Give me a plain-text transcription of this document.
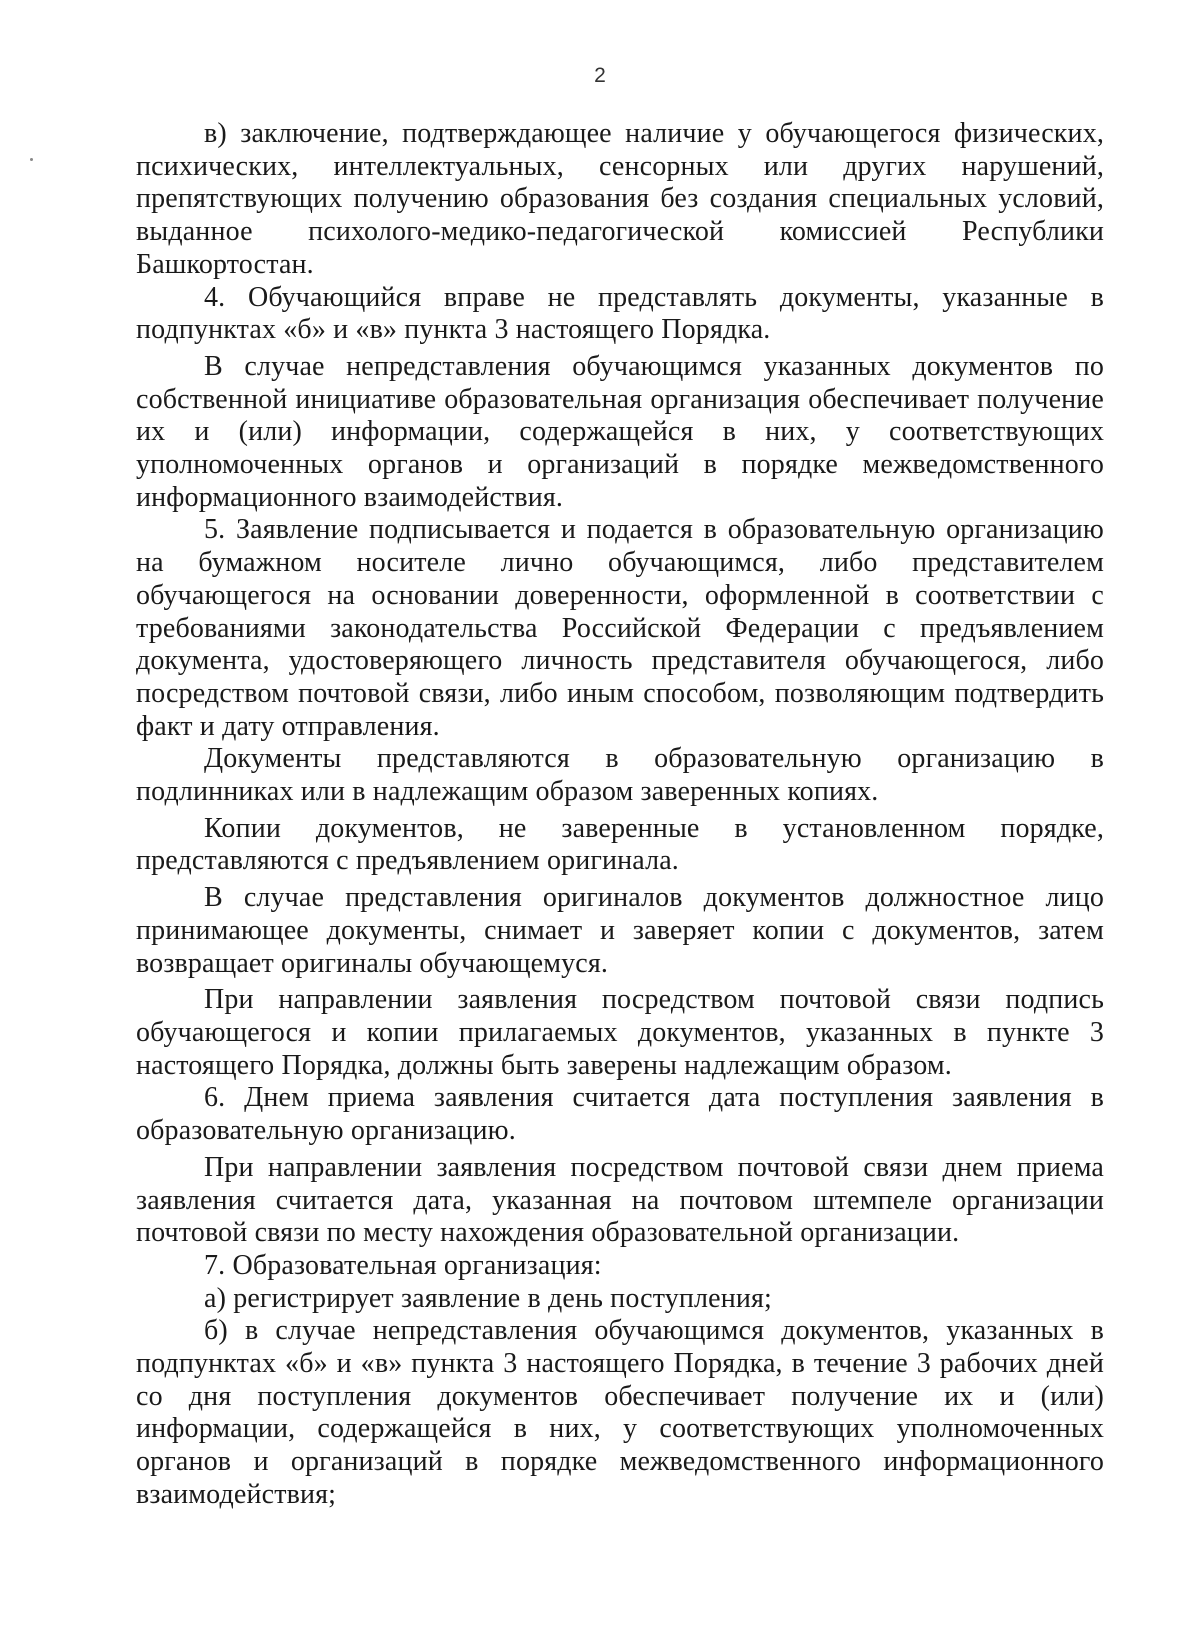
2

в) заключение, подтверждающее наличие у обучающегося физических, психических, интеллектуальных, сенсорных или других нарушений, препятствующих получению образования без создания специальных условий, выданное психолого-медико-педагогической комиссией Республики Башкортостан.

4. Обучающийся вправе не представлять документы, указанные в подпунктах «б» и «в» пункта 3 настоящего Порядка.

В случае непредставления обучающимся указанных документов по собственной инициативе образовательная организация обеспечивает получение их и (или) информации, содержащейся в них, у соответствующих уполномоченных органов и организаций в порядке межведомственного информационного взаимодействия.

5. Заявление подписывается и подается в образовательную организацию на бумажном носителе лично обучающимся, либо представителем обучающегося на основании доверенности, оформленной в соответствии с требованиями законодательства Российской Федерации с предъявлением документа, удостоверяющего личность представителя обучающегося, либо посредством почтовой связи, либо иным способом, позволяющим подтвердить факт и дату отправления.

Документы представляются в образовательную организацию в подлинниках или в надлежащим образом заверенных копиях.

Копии документов, не заверенные в установленном порядке, представляются с предъявлением оригинала.

В случае представления оригиналов документов должностное лицо принимающее документы, снимает и заверяет копии с документов, затем возвращает оригиналы обучающемуся.

При направлении заявления посредством почтовой связи подпись обучающегося и копии прилагаемых документов, указанных в пункте 3 настоящего Порядка, должны быть заверены надлежащим образом.

6. Днем приема заявления считается дата поступления заявления в образовательную организацию.

При направлении заявления посредством почтовой связи днем приема заявления считается дата, указанная на почтовом штемпеле организации почтовой связи по месту нахождения образовательной организации.

7. Образовательная организация:

а) регистрирует заявление в день поступления;

б) в случае непредставления обучающимся документов, указанных в подпунктах «б» и «в» пункта 3 настоящего Порядка, в течение 3 рабочих дней со дня поступления документов обеспечивает получение их и (или) информации, содержащейся в них, у соответствующих уполномоченных органов и организаций в порядке межведомственного информационного взаимодействия;
